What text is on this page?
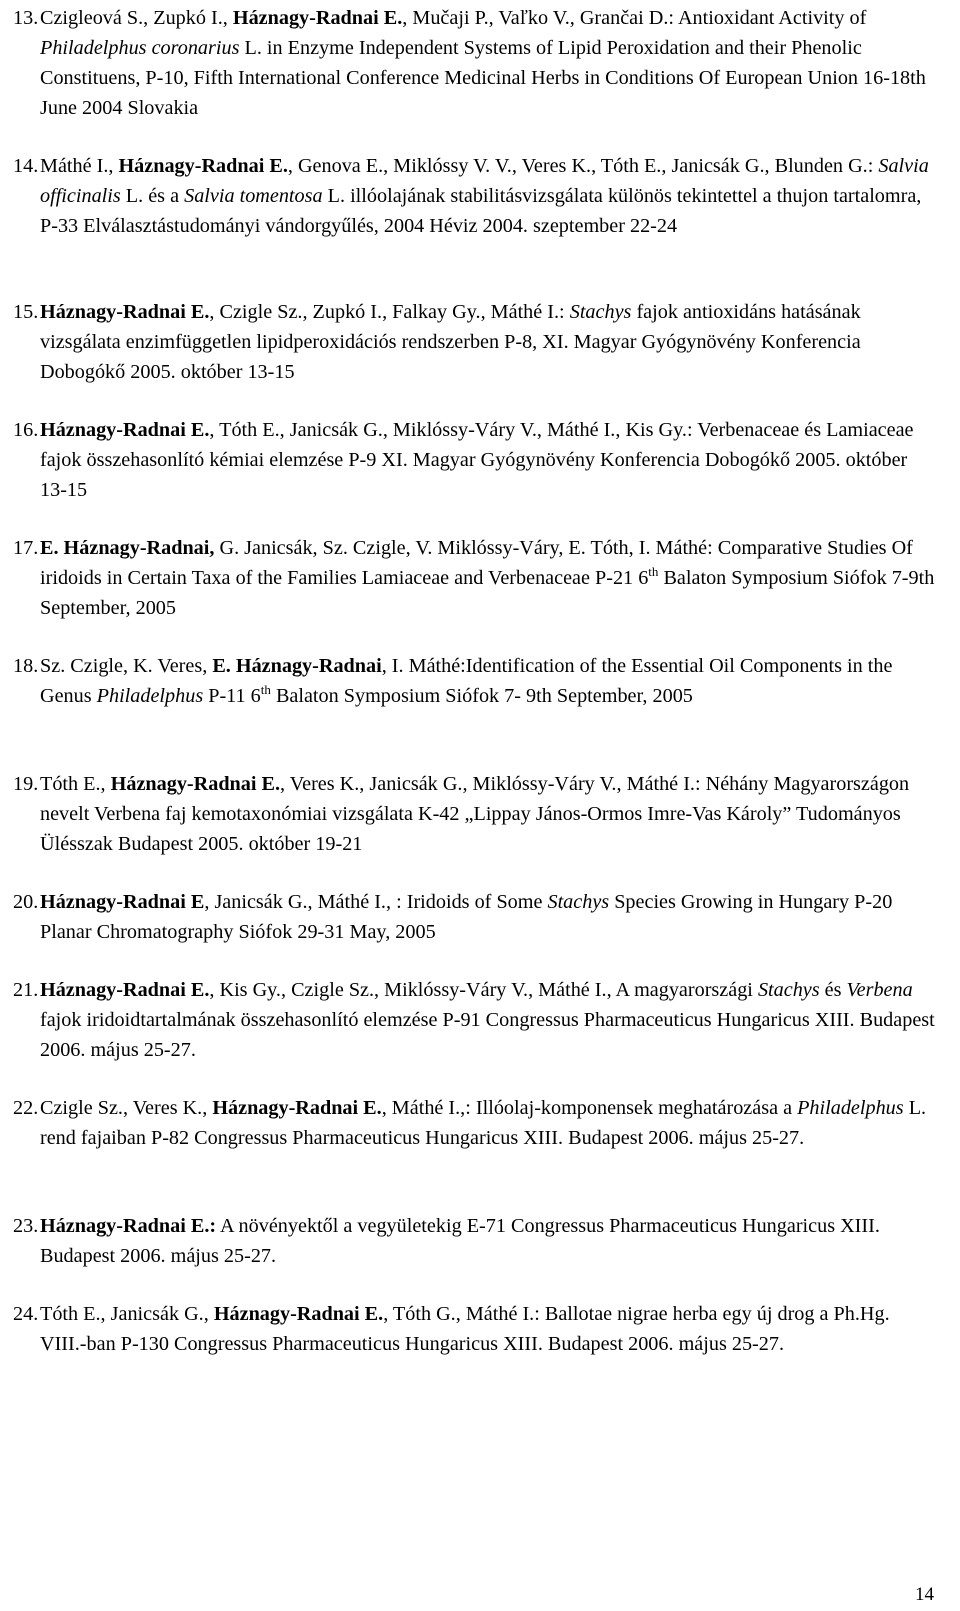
13. Czigleová S., Zupkó I., Háznagy-Radnai E., Mučaji P., Vaľko V., Grančai D.: Antioxidant Activity of Philadelphus coronarius L. in Enzyme Independent Systems of Lipid Peroxidation and their Phenolic Constituens, P-10, Fifth International Conference Medicinal Herbs in Conditions Of European Union 16-18th June 2004 Slovakia

14. Máthé I., Háznagy-Radnai E., Genova E., Miklóssy V. V., Veres K., Tóth E., Janicsák G., Blunden G.: Salvia officinalis L. és a Salvia tomentosa L. illóolajának stabilitásvizsgálata különös tekintettel a thujon tartalomra, P-33 Elválasztástudományi vándorgyűlés, 2004 Héviz 2004. szeptember 22-24

15. Háznagy-Radnai E., Czigle Sz., Zupkó I., Falkay Gy., Máthé I.: Stachys fajok antioxidáns hatásának vizsgálata enzimfüggetlen lipidperoxidációs rendszerben P-8, XI. Magyar Gyógynövény Konferencia Dobogókő 2005. október 13-15

16. Háznagy-Radnai E., Tóth E., Janicsák G., Miklóssy-Váry V., Máthé I., Kis Gy.: Verbenaceae és Lamiaceae fajok összehasonlító kémiai elemzése P-9 XI. Magyar Gyógynövény Konferencia Dobogókő 2005. október 13-15

17. E. Háznagy-Radnai, G. Janicsák, Sz. Czigle, V. Miklóssy-Váry, E. Tóth, I. Máthé: Comparative Studies Of iridoids in Certain Taxa of the Families Lamiaceae and Verbenaceae P-21 6th Balaton Symposium Siófok 7-9th September, 2005

18. Sz. Czigle, K. Veres, E. Háznagy-Radnai, I. Máthé:Identification of the Essential Oil Components in the Genus Philadelphus P-11 6th Balaton Symposium Siófok 7- 9th September, 2005

19. Tóth E., Háznagy-Radnai E., Veres K., Janicsák G., Miklóssy-Váry V., Máthé I.: Néhány Magyarországon nevelt Verbena faj kemotaxonómiai vizsgálata K-42 „Lippay János-Ormos Imre-Vas Károly” Tudományos Ülésszak Budapest 2005. október 19-21

20. Háznagy-Radnai E, Janicsák G., Máthé I., : Iridoids of Some Stachys Species Growing in Hungary P-20 Planar Chromatography Siófok 29-31 May, 2005

21. Háznagy-Radnai E., Kis Gy., Czigle Sz., Miklóssy-Váry V., Máthé I., A magyarországi Stachys és Verbena fajok iridoidtartalmának összehasonlító elemzése P-91 Congressus Pharmaceuticus Hungaricus XIII. Budapest 2006. május 25-27.

22. Czigle Sz., Veres K., Háznagy-Radnai E., Máthé I.,: Illóolaj-komponensek meghatározása a Philadelphus L. rend fajaiban P-82 Congressus Pharmaceuticus Hungaricus XIII. Budapest 2006. május 25-27.

23. Háznagy-Radnai E.: A növényektől a vegyületekig E-71 Congressus Pharmaceuticus Hungaricus XIII. Budapest 2006. május 25-27.

24. Tóth E., Janicsák G., Háznagy-Radnai E., Tóth G., Máthé I.: Ballotae nigrae herba egy új drog a Ph.Hg. VIII.-ban P-130 Congressus Pharmaceuticus Hungaricus XIII. Budapest 2006. május 25-27.

14
